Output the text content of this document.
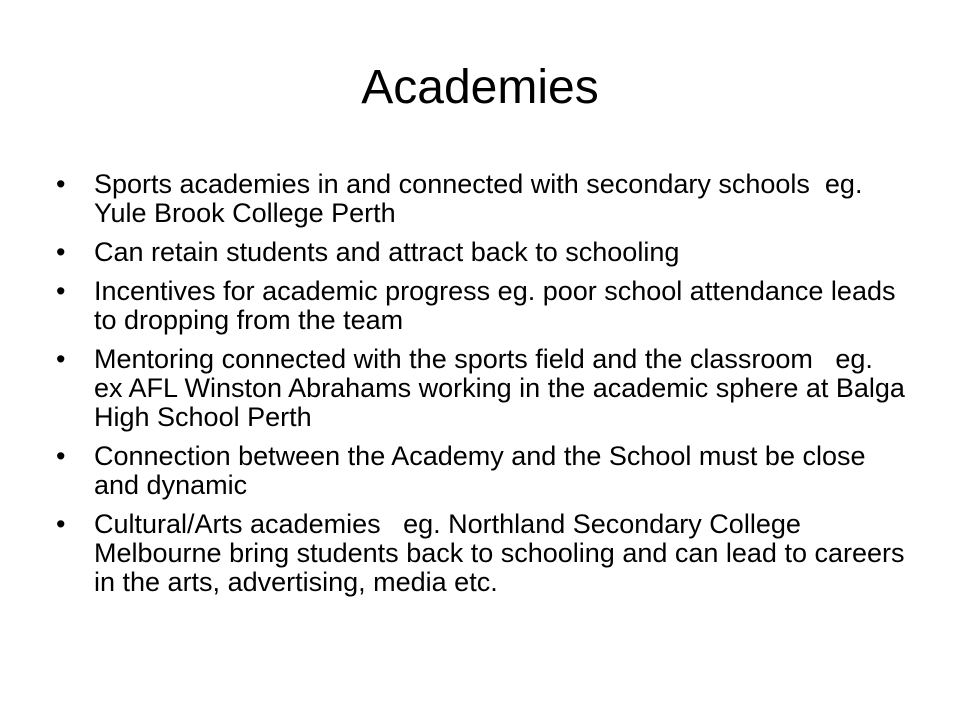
Academies
•	Sports academies in and connected with secondary schools  eg. Yule Brook College Perth
•	Can retain students and attract back to schooling
•	Incentives for academic progress eg. poor school attendance leads to dropping from the team
•	Mentoring connected with the sports field and the classroom   eg. ex AFL Winston Abrahams working in the academic sphere at Balga High School Perth
•	Connection between the Academy and the School must be close and dynamic
•	Cultural/Arts academies   eg. Northland Secondary College Melbourne bring students back to schooling and can lead to careers in the arts, advertising, media etc.
